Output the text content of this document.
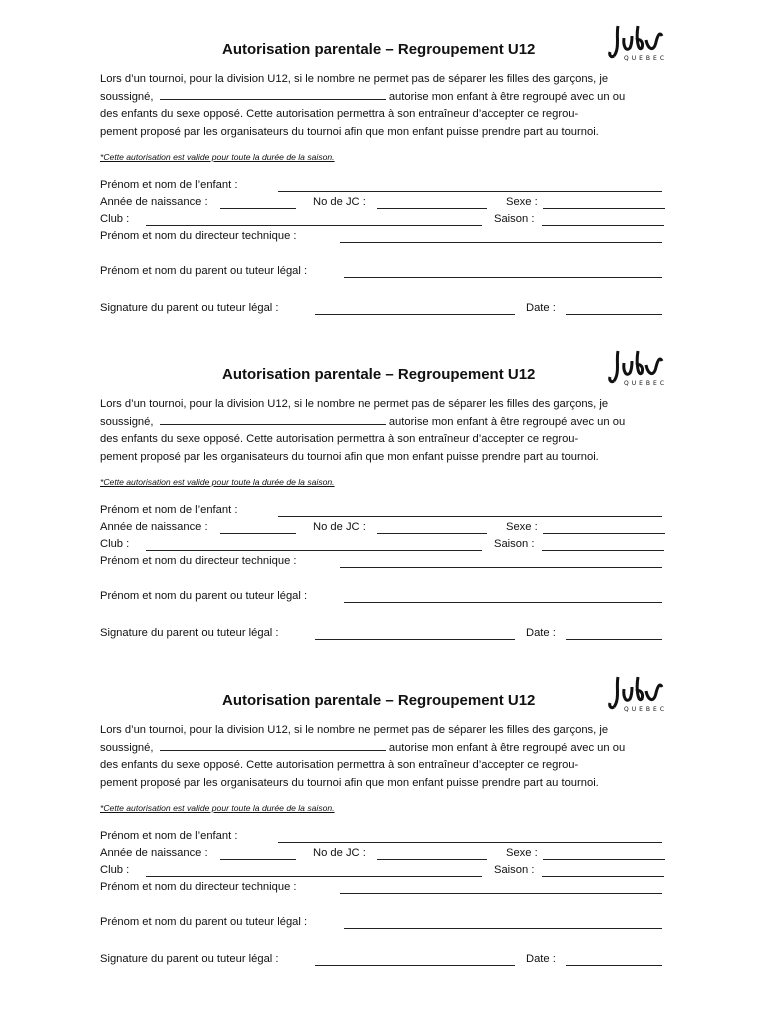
Autorisation parentale – Regroupement U12
QUEBEC
Lors d’un tournoi, pour la division U12, si le nombre ne permet pas de séparer les filles des garçons, je
soussigné,	autorise mon enfant à être regroupé avec un ou
des enfants du sexe opposé. Cette autorisation permettra à son entraîneur d’accepter ce regrou-
pement proposé par les organisateurs du tournoi afin que mon enfant puisse prendre part au tournoi.
*Cette autorisation est valide pour toute la durée de la saison.
Prénom et nom de l’enfant :
Année de naissance :	No de JC :	Sexe :
Club :	Saison :
Prénom et nom du directeur technique :
Prénom et nom du parent ou tuteur légal :
Signature du parent ou tuteur légal :	Date :
Autorisation parentale – Regroupement U12
QUEBEC
Lors d’un tournoi, pour la division U12, si le nombre ne permet pas de séparer les filles des garçons, je
soussigné,	autorise mon enfant à être regroupé avec un ou
des enfants du sexe opposé. Cette autorisation permettra à son entraîneur d’accepter ce regrou-
pement proposé par les organisateurs du tournoi afin que mon enfant puisse prendre part au tournoi.
*Cette autorisation est valide pour toute la durée de la saison.
Prénom et nom de l’enfant :
Année de naissance :	No de JC :	Sexe :
Club :	Saison :
Prénom et nom du directeur technique :
Prénom et nom du parent ou tuteur légal :
Signature du parent ou tuteur légal :	Date :
Autorisation parentale – Regroupement U12
QUEBEC
Lors d’un tournoi, pour la division U12, si le nombre ne permet pas de séparer les filles des garçons, je
soussigné,	autorise mon enfant à être regroupé avec un ou
des enfants du sexe opposé. Cette autorisation permettra à son entraîneur d’accepter ce regrou-
pement proposé par les organisateurs du tournoi afin que mon enfant puisse prendre part au tournoi.
*Cette autorisation est valide pour toute la durée de la saison.
Prénom et nom de l’enfant :
Année de naissance :	No de JC :	Sexe :
Club :	Saison :
Prénom et nom du directeur technique :
Prénom et nom du parent ou tuteur légal :
Signature du parent ou tuteur légal :	Date :
